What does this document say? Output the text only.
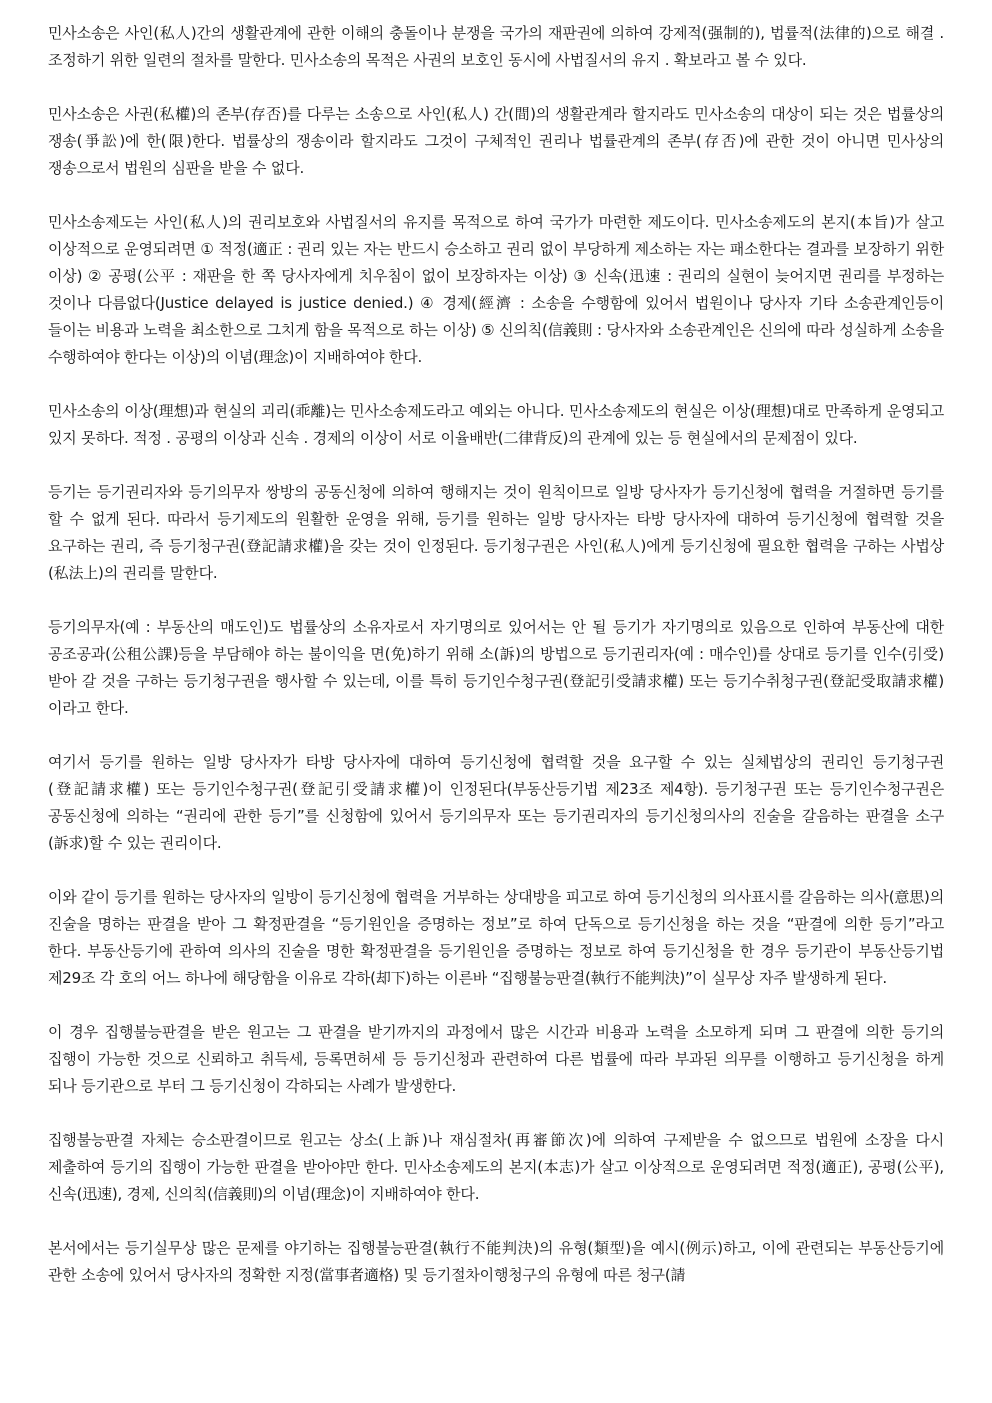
민사소송은 사인(私人)간의 생활관계에 관한 이해의 충돌이나 분쟁을 국가의 재판권에 의하여 강제적(强制的), 법률적(法律的)으로 해결 . 조정하기 위한 일련의 절차를 말한다. 민사소송의 목적은 사권의 보호인 동시에 사법질서의 유지 . 확보라고 볼 수 있다.

민사소송은 사권(私權)의 존부(存否)를 다루는 소송으로 사인(私人) 간(間)의 생활관계라 할지라도 민사소송의 대상이 되는 것은 법률상의 쟁송(爭訟)에 한(限)한다. 법률상의 쟁송이라 할지라도 그것이 구체적인 권리나 법률관계의 존부(存否)에 관한 것이 아니면 민사상의 쟁송으로서 법원의 심판을 받을 수 없다.

민사소송제도는 사인(私人)의 권리보호와 사법질서의 유지를 목적으로 하여 국가가 마련한 제도이다. 민사소송제도의 본지(本旨)가 살고 이상적으로 운영되려면 ① 적정(適正 : 권리 있는 자는 반드시 승소하고 권리 없이 부당하게 제소하는 자는 패소한다는 결과를 보장하기 위한 이상) ② 공평(公平 : 재판을 한 쪽 당사자에게 치우침이 없이 보장하자는 이상) ③ 신속(迅速 : 권리의 실현이 늦어지면 권리를 부정하는 것이나 다름없다(Justice delayed is justice denied.) ④ 경제(經濟 : 소송을 수행함에 있어서 법원이나 당사자 기타 소송관계인등이 들이는 비용과 노력을 최소한으로 그치게 함을 목적으로 하는 이상) ⑤ 신의칙(信義則 : 당사자와 소송관계인은 신의에 따라 성실하게 소송을 수행하여야 한다는 이상)의 이념(理念)이 지배하여야 한다.

민사소송의 이상(理想)과 현실의 괴리(乖離)는 민사소송제도라고 예외는 아니다. 민사소송제도의 현실은 이상(理想)대로 만족하게 운영되고 있지 못하다. 적정 . 공평의 이상과 신속 . 경제의 이상이 서로 이율배반(二律背反)의 관계에 있는 등 현실에서의 문제점이 있다.

등기는 등기권리자와 등기의무자 쌍방의 공동신청에 의하여 행해지는 것이 원칙이므로 일방 당사자가 등기신청에 협력을 거절하면 등기를 할 수 없게 된다. 따라서 등기제도의 원활한 운영을 위해, 등기를 원하는 일방 당사자는 타방 당사자에 대하여 등기신청에 협력할 것을 요구하는 권리, 즉 등기청구권(登記請求權)을 갖는 것이 인정된다. 등기청구권은 사인(私人)에게 등기신청에 필요한 협력을 구하는 사법상(私法上)의 권리를 말한다.

등기의무자(예 : 부동산의 매도인)도 법률상의 소유자로서 자기명의로 있어서는 안 될 등기가 자기명의로 있음으로 인하여 부동산에 대한 공조공과(公租公課)등을 부담해야 하는 불이익을 면(免)하기 위해 소(訴)의 방법으로 등기권리자(예 : 매수인)를 상대로 등기를 인수(引受)받아 갈 것을 구하는 등기청구권을 행사할 수 있는데, 이를 특히 등기인수청구권(登記引受請求權) 또는 등기수취청구권(登記受取請求權)이라고 한다.

여기서 등기를 원하는 일방 당사자가 타방 당사자에 대하여 등기신청에 협력할 것을 요구할 수 있는 실체법상의 권리인 등기청구권(登記請求權) 또는 등기인수청구권(登記引受請求權)이 인정된다(부동산등기법 제23조 제4항). 등기청구권 또는 등기인수청구권은 공동신청에 의하는 “권리에 관한 등기”를 신청함에 있어서 등기의무자 또는 등기권리자의 등기신청의사의 진술을 갈음하는 판결을 소구(訴求)할 수 있는 권리이다.

이와 같이 등기를 원하는 당사자의 일방이 등기신청에 협력을 거부하는 상대방을 피고로 하여 등기신청의 의사표시를 갈음하는 의사(意思)의 진술을 명하는 판결을 받아 그 확정판결을 “등기원인을 증명하는 정보”로 하여 단독으로 등기신청을 하는 것을 “판결에 의한 등기”라고 한다. 부동산등기에 관하여 의사의 진술을 명한 확정판결을 등기원인을 증명하는 정보로 하여 등기신청을 한 경우 등기관이 부동산등기법 제29조 각 호의 어느 하나에 해당함을 이유로 각하(却下)하는 이른바 “집행불능판결(執行不能判決)”이 실무상 자주 발생하게 된다.

이 경우 집행불능판결을 받은 원고는 그 판결을 받기까지의 과정에서 많은 시간과 비용과 노력을 소모하게 되며 그 판결에 의한 등기의 집행이 가능한 것으로 신뢰하고 취득세, 등록면허세 등 등기신청과 관련하여 다른 법률에 따라 부과된 의무를 이행하고 등기신청을 하게 되나 등기관으로 부터 그 등기신청이 각하되는 사례가 발생한다.

집행불능판결 자체는 승소판결이므로 원고는 상소(上訴)나 재심절차(再審節次)에 의하여 구제받을 수 없으므로 법원에 소장을 다시 제출하여 등기의 집행이 가능한 판결을 받아야만 한다. 민사소송제도의 본지(本志)가 살고 이상적으로 운영되려면 적정(適正), 공평(公平), 신속(迅速), 경제, 신의칙(信義則)의 이념(理念)이 지배하여야 한다.

본서에서는 등기실무상 많은 문제를 야기하는 집행불능판결(執行不能判決)의 유형(類型)을 예시(例示)하고, 이에 관련되는 부동산등기에 관한 소송에 있어서 당사자의 정확한 지정(當事者適格) 및 등기절차이행청구의 유형에 따른 청구(請
